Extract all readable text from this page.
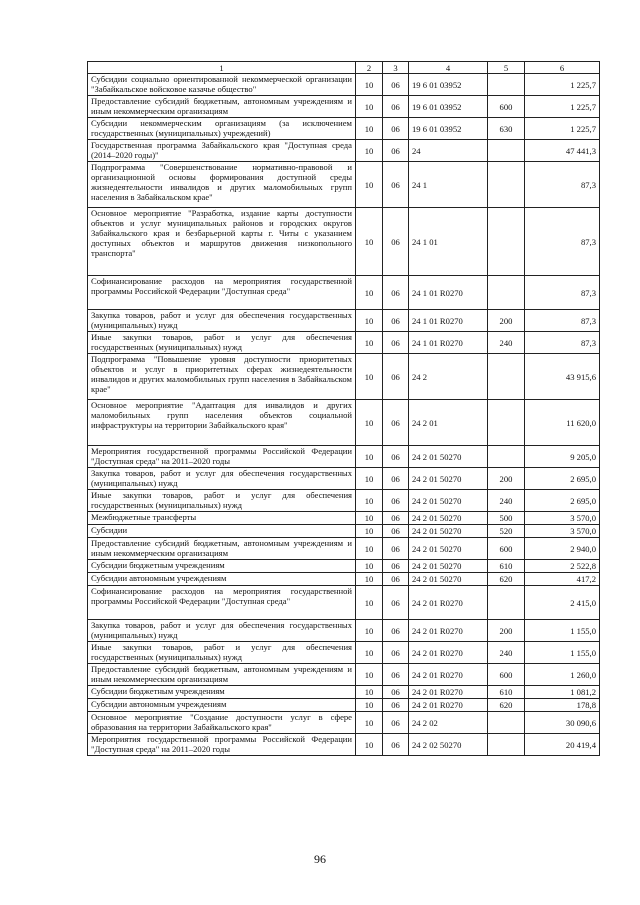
1	2	3	4	5	6
Субсидии социально ориентированной некоммерческой организации "Забайкальское войсковое казачье общество"	10	06	19 6 01 03952		1 225,7
Предоставление субсидий бюджетным, автономным учреждениям и иным некоммерческим организациям	10	06	19 6 01 03952	600	1 225,7
Субсидии некоммерческим организациям (за исключением государственных (муниципальных) учреждений)	10	06	19 6 01 03952	630	1 225,7
Государственная программа Забайкальского края "Доступная среда (2014–2020 годы)"	10	06	24		47 441,3
Подпрограмма "Совершенствование нормативно-правовой и организационной основы формирования доступной среды жизнедеятельности инвалидов и других маломобильных групп населения в Забайкальском крае"	10	06	24 1		87,3
Основное мероприятие "Разработка, издание карты доступности объектов и услуг муниципальных районов и городских округов Забайкальского края и безбарьерной карты г. Читы с указанием доступных объектов и маршрутов движения низкопольного транспорта"	10	06	24 1 01		87,3
Софинансирование расходов на мероприятия государственной программы Российской Федерации "Доступная среда"	10	06	24 1 01 R0270		87,3
Закупка товаров, работ и услуг для обеспечения государственных (муниципальных) нужд	10	06	24 1 01 R0270	200	87,3
Иные закупки товаров, работ и услуг для обеспечения государственных (муниципальных) нужд	10	06	24 1 01 R0270	240	87,3
Подпрограмма "Повышение уровня доступности приоритетных объектов и услуг в приоритетных сферах жизнедеятельности инвалидов и других маломобильных групп населения в Забайкальском крае"	10	06	24 2		43 915,6
Основное мероприятие "Адаптация для инвалидов и других маломобильных групп населения объектов социальной инфраструктуры на территории Забайкальского края"	10	06	24 2 01		11 620,0
Мероприятия государственной программы Российской Федерации "Доступная среда" на 2011–2020 годы	10	06	24 2 01 50270		9 205,0
Закупка товаров, работ и услуг для обеспечения государственных (муниципальных) нужд	10	06	24 2 01 50270	200	2 695,0
Иные закупки товаров, работ и услуг для обеспечения государственных (муниципальных) нужд	10	06	24 2 01 50270	240	2 695,0
Межбюджетные трансферты	10	06	24 2 01 50270	500	3 570,0
Субсидии	10	06	24 2 01 50270	520	3 570,0
Предоставление субсидий бюджетным, автономным учреждениям и иным некоммерческим организациям	10	06	24 2 01 50270	600	2 940,0
Субсидии бюджетным учреждениям	10	06	24 2 01 50270	610	2 522,8
Субсидии автономным учреждениям	10	06	24 2 01 50270	620	417,2
Софинансирование расходов на мероприятия государственной программы Российской Федерации "Доступная среда"	10	06	24 2 01 R0270		2 415,0
Закупка товаров, работ и услуг для обеспечения государственных (муниципальных) нужд	10	06	24 2 01 R0270	200	1 155,0
Иные закупки товаров, работ и услуг для обеспечения государственных (муниципальных) нужд	10	06	24 2 01 R0270	240	1 155,0
Предоставление субсидий бюджетным, автономным учреждениям и иным некоммерческим организациям	10	06	24 2 01 R0270	600	1 260,0
Субсидии бюджетным учреждениям	10	06	24 2 01 R0270	610	1 081,2
Субсидии автономным учреждениям	10	06	24 2 01 R0270	620	178,8
Основное мероприятие "Создание доступности услуг в сфере образования на территории Забайкальского края"	10	06	24 2 02		30 090,6
Мероприятия государственной программы Российской Федерации "Доступная среда" на 2011–2020 годы	10	06	24 2 02 50270		20 419,4
96
